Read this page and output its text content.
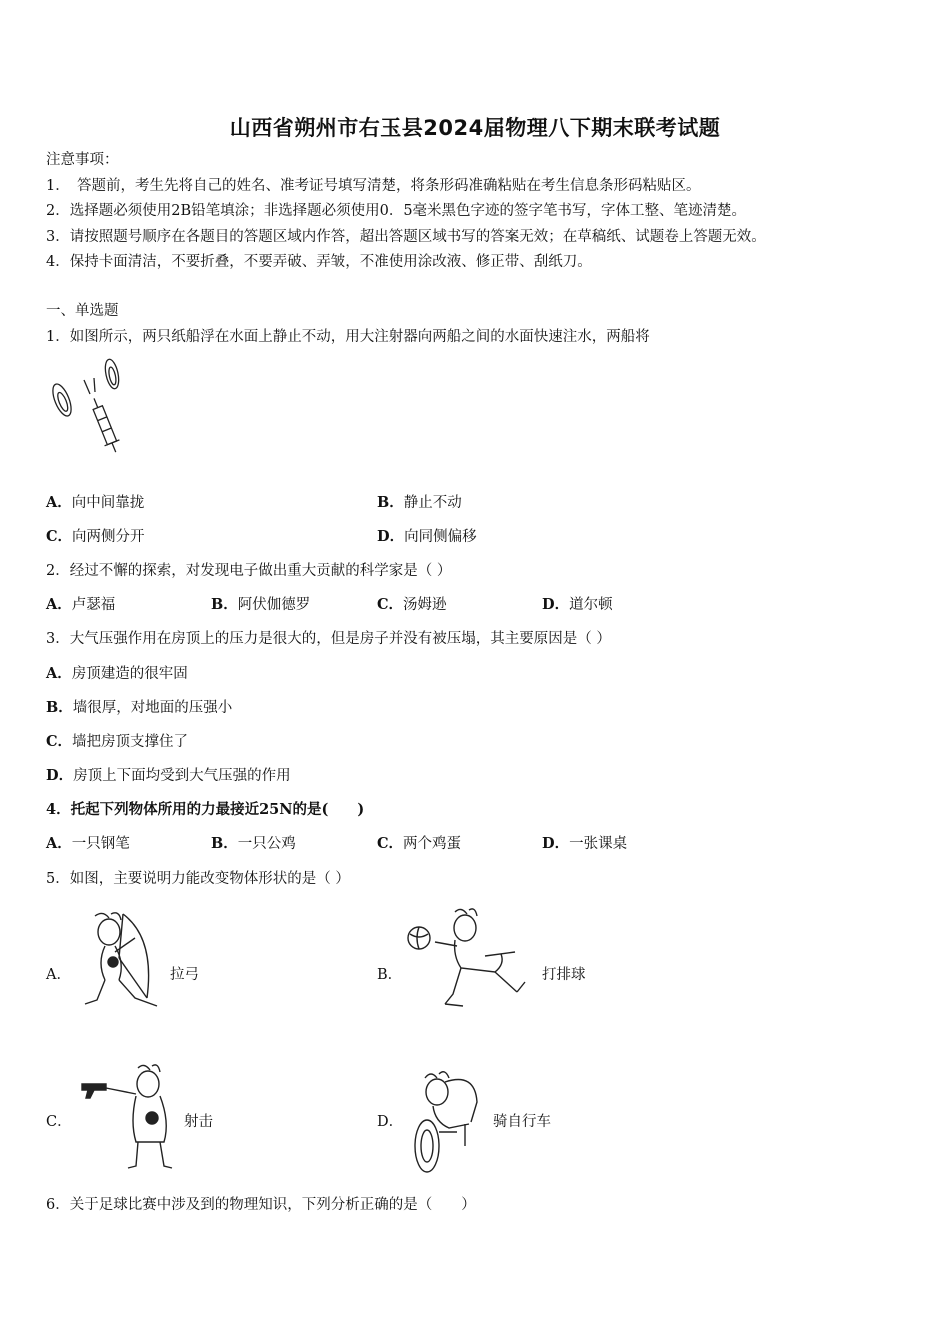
山西省朔州市右玉县2024届物理八下期末联考试题
注意事项：
1．　答题前，考生先将自己的姓名、准考证号填写清楚，将条形码准确粘贴在考生信息条形码粘贴区。
2．选择题必须使用2B铅笔填涂；非选择题必须使用0．5毫米黑色字迹的签字笔书写，字体工整、笔迹清楚。
3．请按照题号顺序在各题目的答题区域内作答，超出答题区域书写的答案无效；在草稿纸、试题卷上答题无效。
4．保持卡面清洁，不要折叠，不要弄破、弄皱，不准使用涂改液、修正带、刮纸刀。
一、单选题
1．如图所示，两只纸船浮在水面上静止不动，用大注射器向两船之间的水面快速注水，两船将
A．向中间靠拢	B．静止不动
C．向两侧分开	D．向同侧偏移
2．经过不懈的探索，对发现电子做出重大贡献的科学家是（ ）
A．卢瑟福	B．阿伏伽德罗	C．汤姆逊	D．道尔顿
3．大气压强作用在房顶上的压力是很大的，但是房子并没有被压塌，其主要原因是（ ）
A．房顶建造的很牢固
B．墙很厚，对地面的压强小
C．墙把房顶支撑住了
D．房顶上下面均受到大气压强的作用
4．托起下列物体所用的力最接近25N的是(　　)
A．一只钢笔	B．一只公鸡	C．两个鸡蛋	D．一张课桌
5．如图，主要说明力能改变物体形状的是（ ）
A．	拉弓	B．	打排球
C．	射击	D．	骑自行车
6．关于足球比赛中涉及到的物理知识，下列分析正确的是（　　）
